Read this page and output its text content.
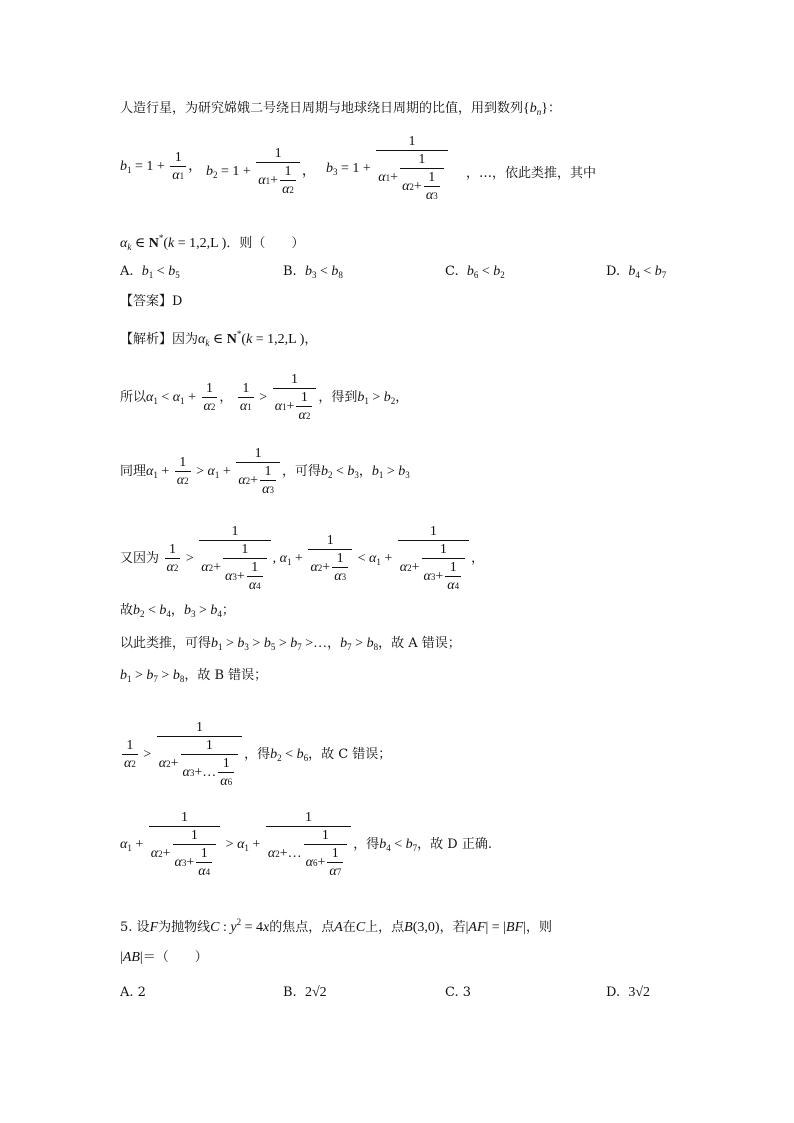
人造行星，为研究嫦娥二号绕日周期与地球绕日周期的比值，用到数列$\{b_n\}$：
$b_1 = 1 + \frac{1}{\alpha 1}$ ， $b_2 = 1 + 1$
α 1 +
1
α 2 ， $b_3 = 1 + 1$
α 1 +
1
α 2 +
1
α 3 ，…，依此类推，其中
$\alpha_k$ ∈ N*(k = 1,2,L )．则（　　）
A. $b_1 < b_5$	B. $b_3 < b_8$	C. $b_6 < b_2$	D. $b_4 < b_7$
【答案】D
【解析】因为$\alpha_k$ ∈ N*(k = 1,2,L )，
所以$\alpha_1 < \alpha_1 + \frac{1}{\alpha 2}$ ， $\frac{1}{\alpha 1} > 1$
α 1 +
1
α 2 ，得到$b_1 > b_2$，
同理$\alpha_1 + \frac{1}{\alpha 2} > \alpha_1 + 1$
α 2 +
1
α 3 ，可得$b_2 < b_3$，$b_1 > b_3$
又因为 $\frac{1}{\alpha 2} > 1$
α 2 +
1
α 3 +
1
α 4 , $\alpha_1 + 1$
α 2 +
1
α $3 < \alpha_1 + 1$
α 2 +
1
α 3 +
1
α 4 ，
故$b_2 < b_4$，$b_3 > b_4$；
以此类推，可得$b_1 > b_3 > b_5 > b_7$ >…，$b_7 > b_8$，故 A 错误；
$b_1 > b_7 > b_8$，故 B 错误；
$\frac{1}{\alpha 2} > 1$
α 2 +
1
α 3 +…
1
α 6 ，得$b_2 < b_6$，故 C 错误；
$\alpha_1 + 1$
α 2 +
1
α 3 +
1
α $4 > \alpha_1 + 1$
α 2 +…
1
α 6 +
1
α 7 ，得$b_4 < b_7$，故 D 正确.
5. 设F为抛物线C : $y^2 = 4x$的焦点，点A在C上，点B(3,0)，若|AF| = |BF|，则
|AB|＝（　　）
A. 2	B. 2√2	C. 3	D. 3√2
